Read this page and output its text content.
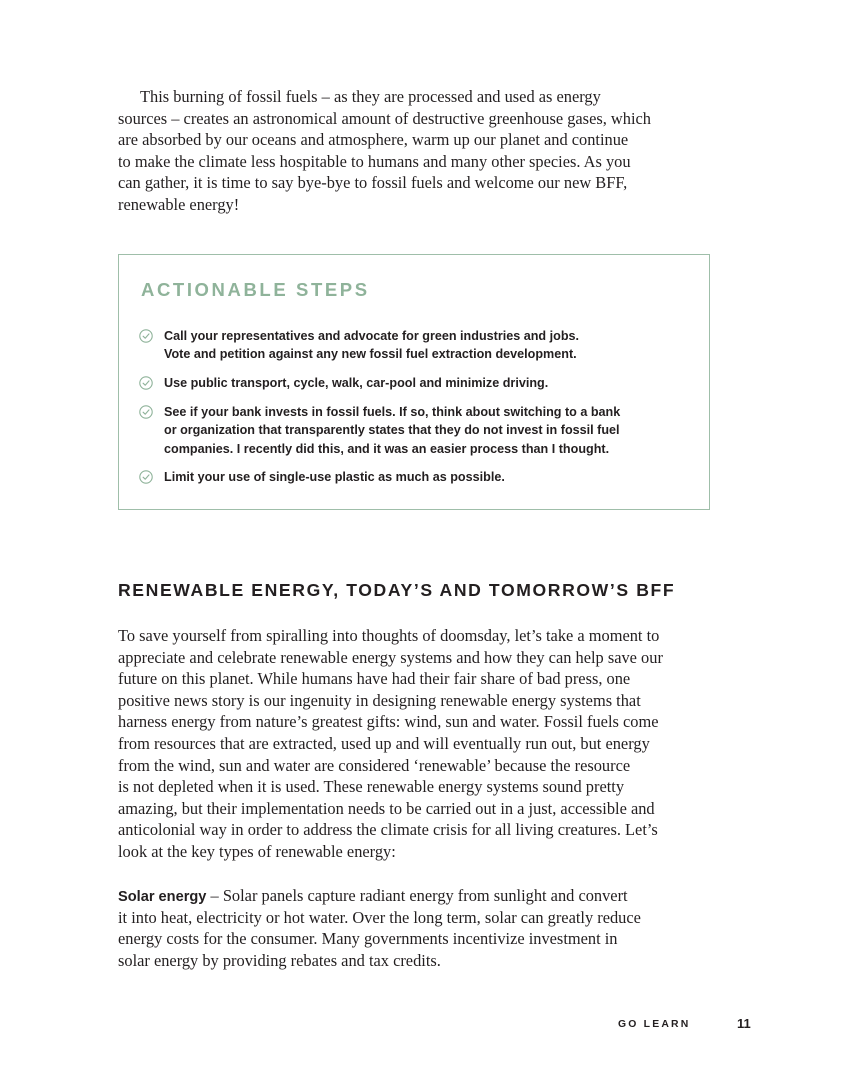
This burning of fossil fuels – as they are processed and used as energy
sources – creates an astronomical amount of destructive greenhouse gases, which
are absorbed by our oceans and atmosphere, warm up our planet and continue
to make the climate less hospitable to humans and many other species. As you
can gather, it is time to say bye-bye to fossil fuels and welcome our new BFF,
renewable energy!
ACTIONABLE STEPS
Call your representatives and advocate for green industries and jobs.
Vote and petition against any new fossil fuel extraction development.
Use public transport, cycle, walk, car-pool and minimize driving.
See if your bank invests in fossil fuels. If so, think about switching to a bank
or organization that transparently states that they do not invest in fossil fuel
companies. I recently did this, and it was an easier process than I thought.
Limit your use of single-use plastic as much as possible.
RENEWABLE ENERGY, TODAY’S AND TOMORROW’S BFF
To save yourself from spiralling into thoughts of doomsday, let’s take a moment to
appreciate and celebrate renewable energy systems and how they can help save our
future on this planet. While humans have had their fair share of bad press, one
positive news story is our ingenuity in designing renewable energy systems that
harness energy from nature’s greatest gifts: wind, sun and water. Fossil fuels come
from resources that are extracted, used up and will eventually run out, but energy
from the wind, sun and water are considered ‘renewable’ because the resource
is not depleted when it is used. These renewable energy systems sound pretty
amazing, but their implementation needs to be carried out in a just, accessible and
anticolonial way in order to address the climate crisis for all living creatures. Let’s
look at the key types of renewable energy:
Solar energy – Solar panels capture radiant energy from sunlight and convert
it into heat, electricity or hot water. Over the long term, solar can greatly reduce
energy costs for the consumer. Many governments incentivize investment in
solar energy by providing rebates and tax credits.
GO LEARN	11
